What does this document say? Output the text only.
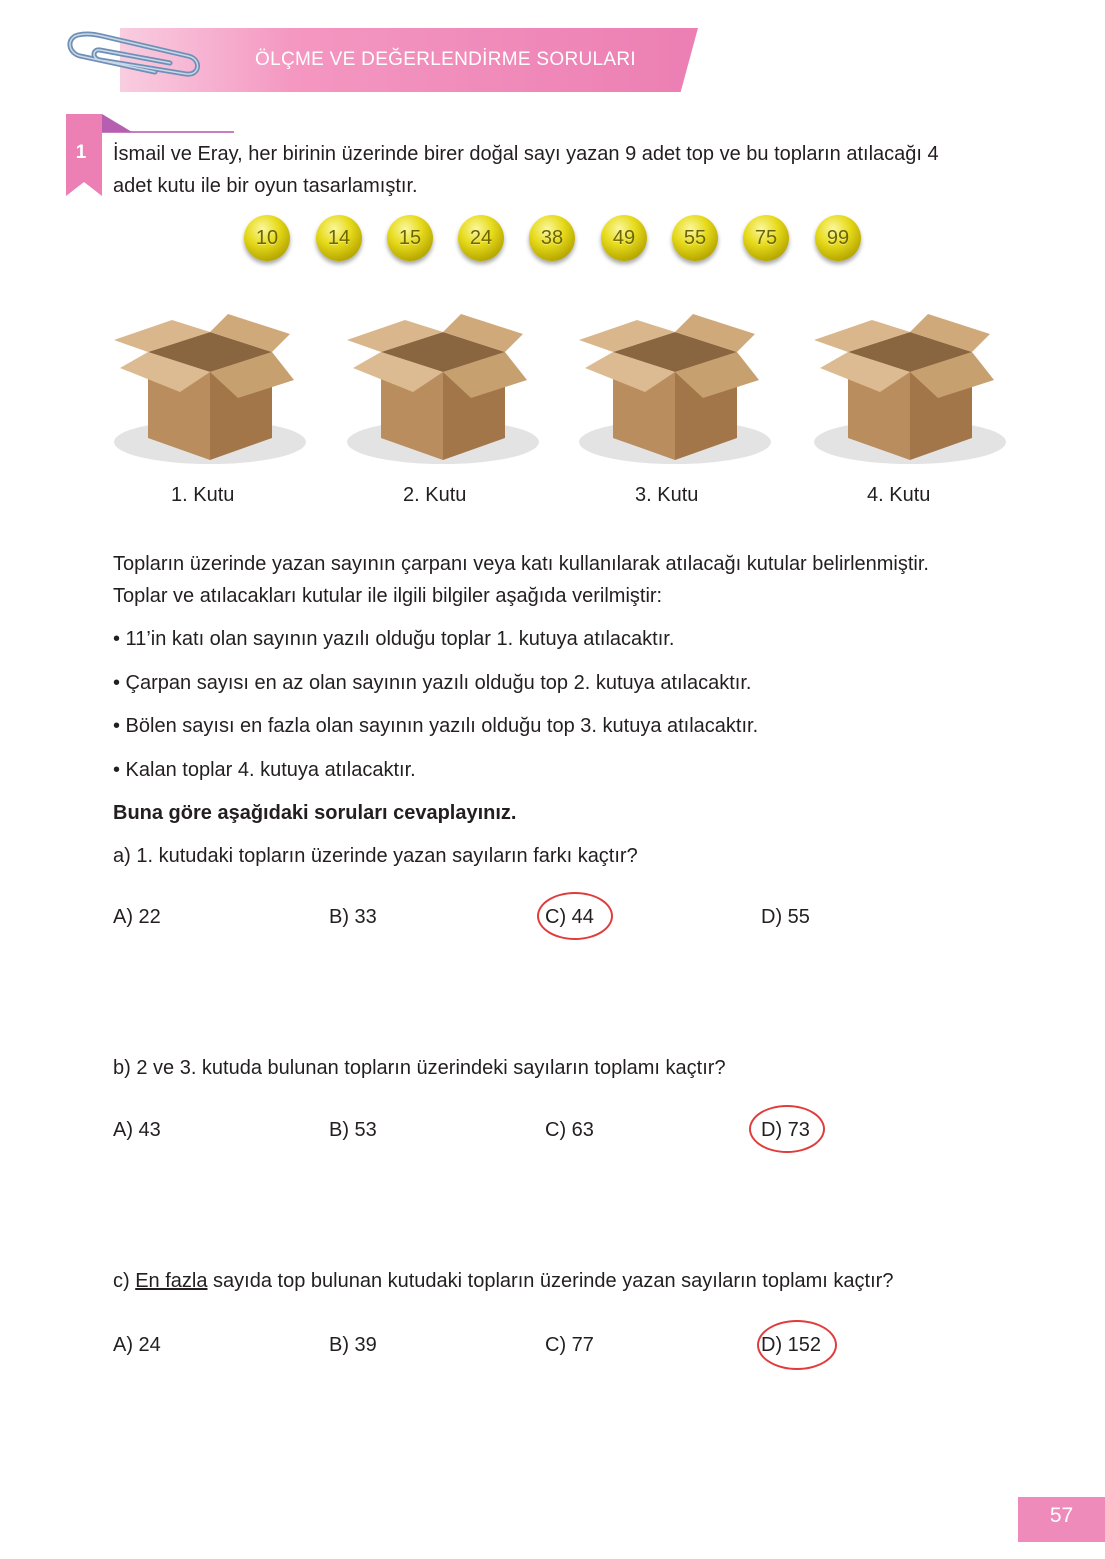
ÖLÇME VE DEĞERLENDİRME SORULARI
1	İsmail ve Eray, her birinin üzerinde birer doğal sayı yazan 9 adet top ve bu topların atılacağı 4
adet kutu ile bir oyun tasarlamıştır.
10	14	15	24	38	49	55	75	99
1. Kutu	2. Kutu	3. Kutu	4. Kutu
Topların üzerinde yazan sayının çarpanı veya katı kullanılarak atılacağı kutular belirlenmiştir.
Toplar ve atılacakları kutular ile ilgili bilgiler aşağıda verilmiştir:
• 11’in katı olan sayının yazılı olduğu toplar 1. kutuya atılacaktır.
• Çarpan sayısı en az olan sayının yazılı olduğu top 2. kutuya atılacaktır.
• Bölen sayısı en fazla olan sayının yazılı olduğu top 3. kutuya atılacaktır.
• Kalan toplar 4. kutuya atılacaktır.
Buna göre aşağıdaki soruları cevaplayınız.
a) 1. kutudaki topların üzerinde yazan sayıların farkı kaçtır?
A) 22	B) 33	C) 44	D) 55
b) 2 ve 3. kutuda bulunan topların üzerindeki sayıların toplamı kaçtır?
A) 43	B) 53	C) 63	D) 73
c) En fazla sayıda top bulunan kutudaki topların üzerinde yazan sayıların toplamı kaçtır?
A) 24	B) 39	C) 77	D) 152
57
